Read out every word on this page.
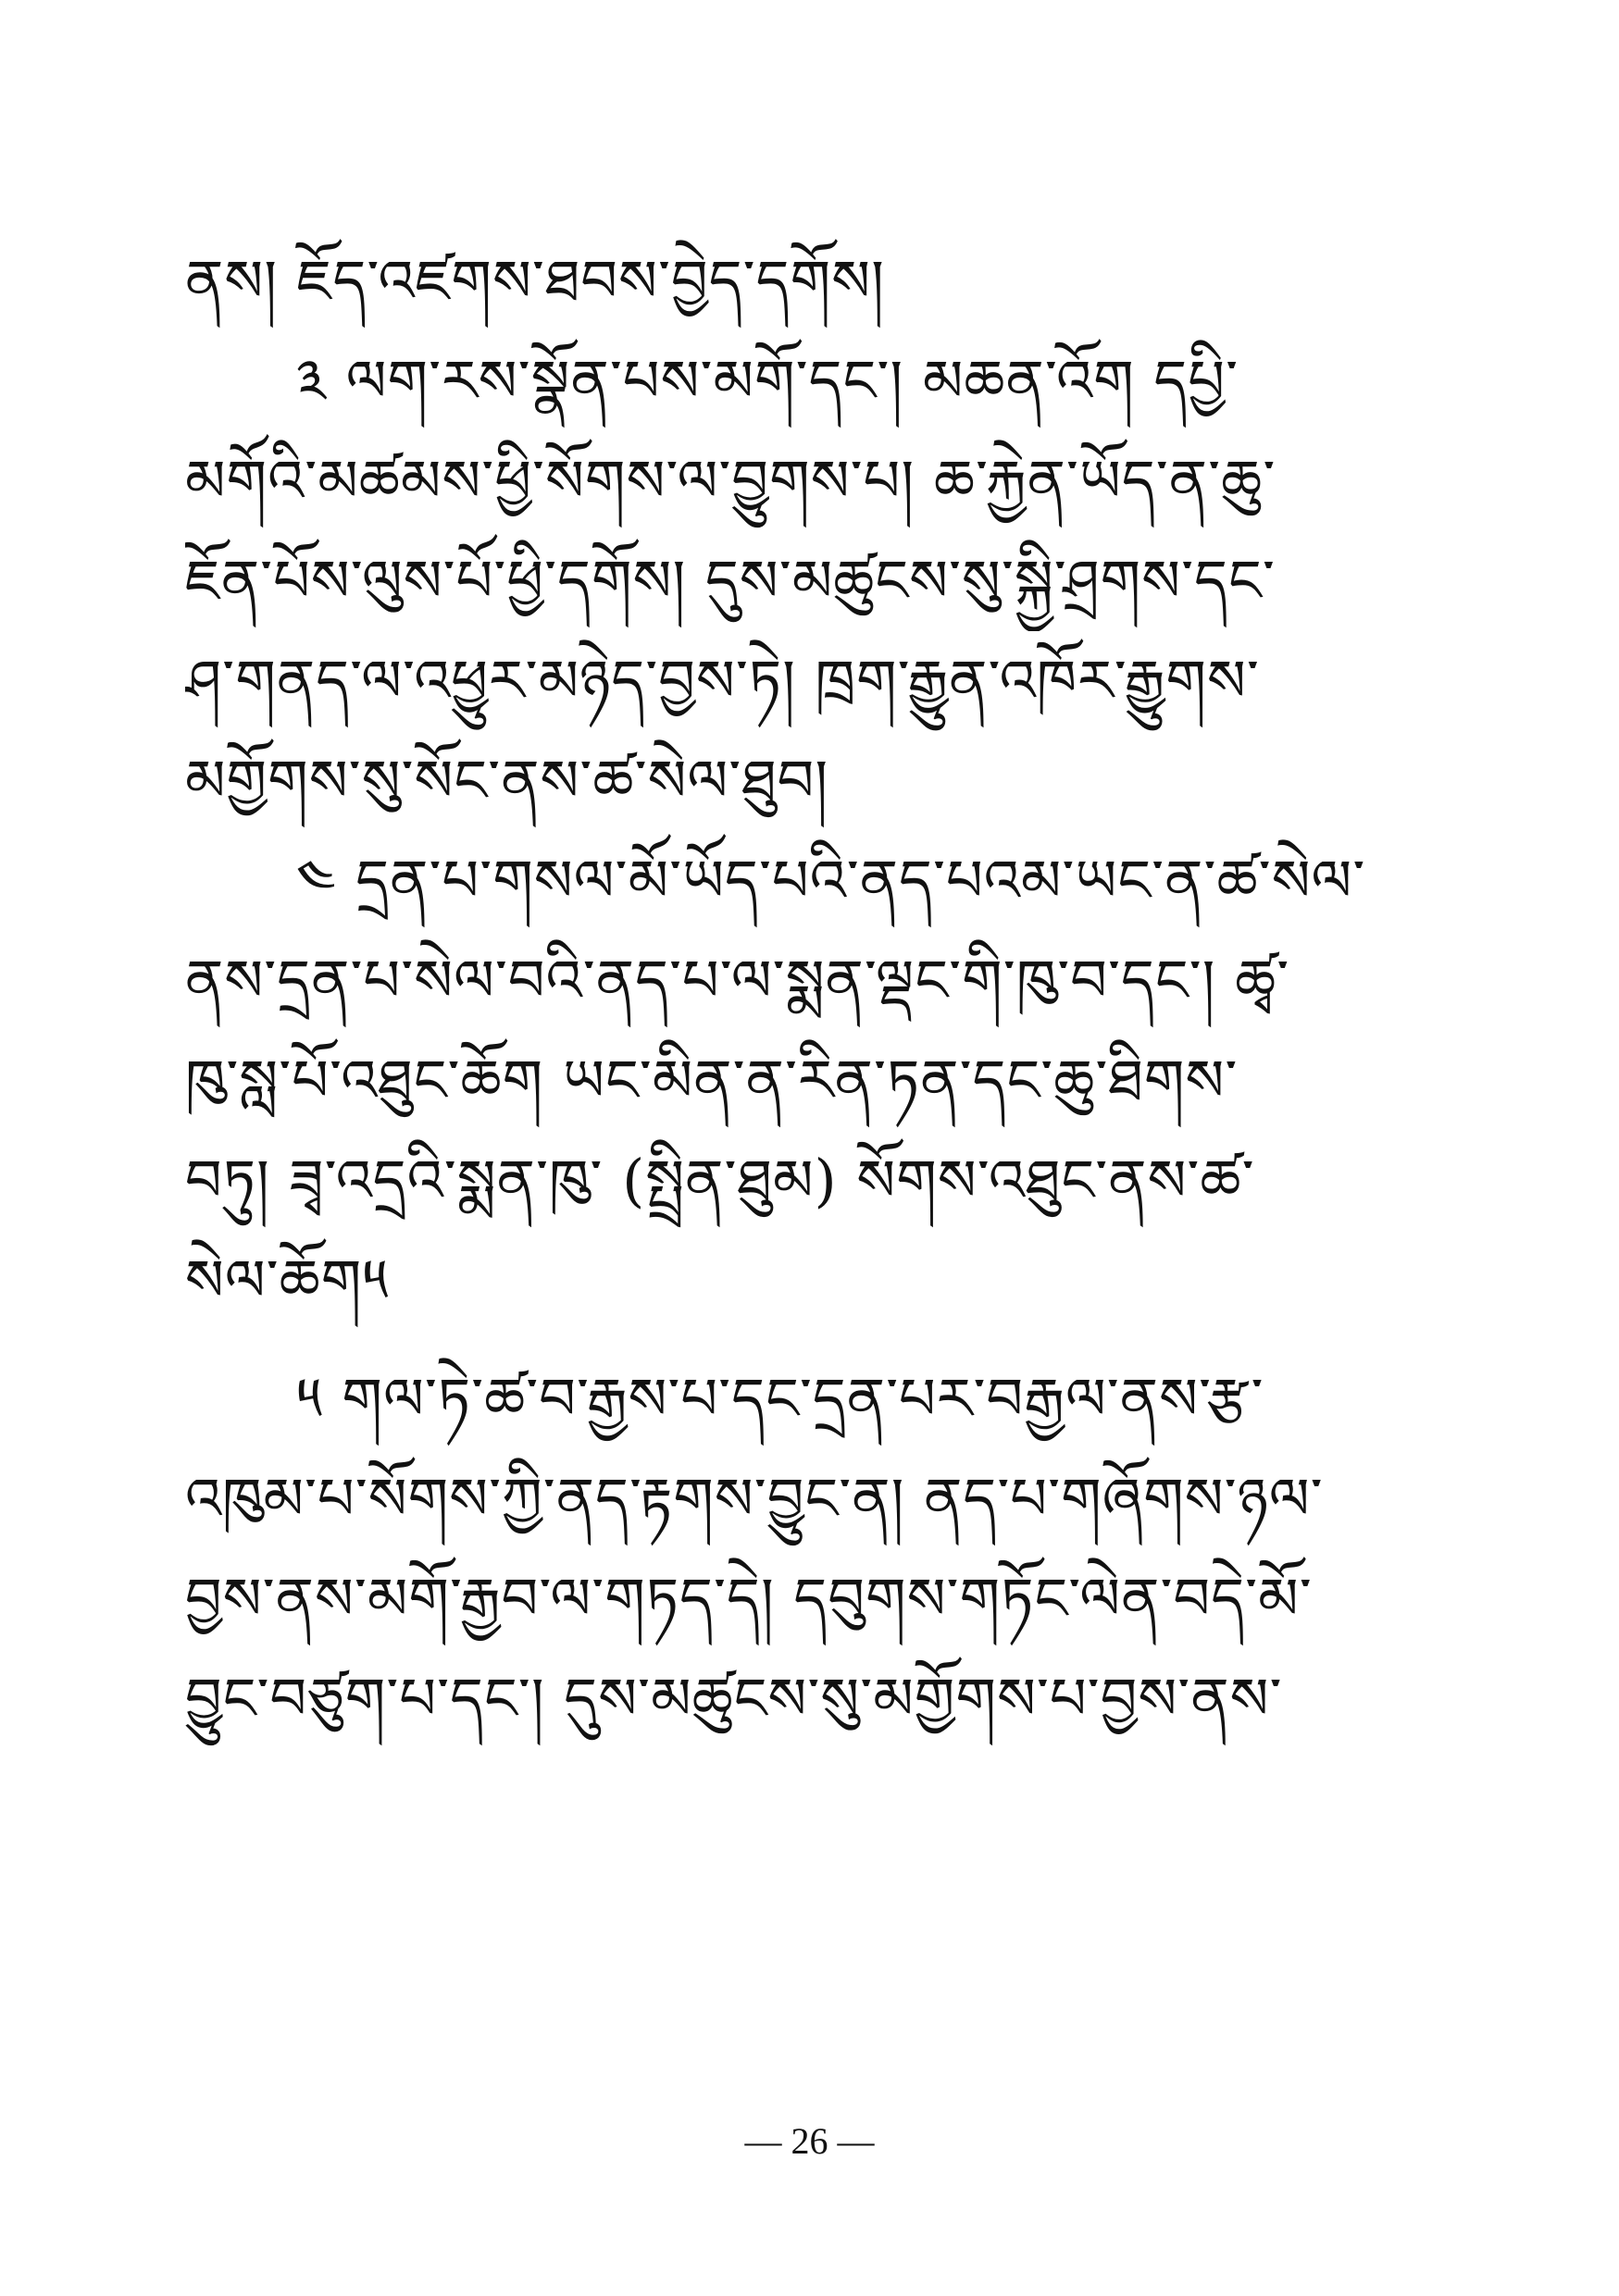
ནས། ཇོད་འཛགས་ཐབས་བྱེད་དགོས།
༣ ལག་རས་སྣོན་པས་མགོ་དང་། མཆན་འོག དཔྱི་
མགོའི་མཚམས་ཕྱི་སོགས་ལ་བྱུགས་པ། ཆ་རྐྱེན་ཡོད་ན་ཆུ་
ཇོན་པོས་ལུས་པོ་ཕྱི་དགོས། དུས་མཚུངས་སུ་སྐྱི་ཤྲགས་དང་
ཤ་གནད་ལ་འཕྱུར་མཉེད་བྱས་ཏེ། ཁྲག་རྒྱུན་འཁོར་རྒྱུགས་
མགྱོགས་སུ་སོང་ནས་ཚ་སེལ་ཐུབ།
༤ དྲན་པ་གསལ་མོ་ཡོད་པའི་ནད་པའམ་ཡང་ན་ཚ་སེལ་
ནས་དྲན་པ་སེལ་བའི་ནད་པ་ལ་སྨན་ལྡང་གི་ཁུ་བ་དང་། ཚྭ་
ཁུ་སླ་པོ་འཐུང་ཆོག ཡང་མིན་ན་རིན་ཏན་དང་ཆུ་ཐིགས་
བཏུ། ཟྭ་འདྲའི་སྨན་ཁུ་ (སྤྲིན་ཐུམ) སོགས་འཐུང་ནས་ཚ་
སེལ་ཆོག༥
༥ གལ་ཏེ་ཚ་བ་རྒྱས་པ་དང་དྲན་པར་བརྒྱལ་ནས་རྩ་
འཁུམ་པ་སོགས་ཀྱི་ནད་རྟགས་བྱུང་ན། ནད་པ་གཞོགས་ཉལ་
བྱས་ནས་མགོ་རྒྱབ་ལ་གཏད་དེ། དབུགས་གཏོང་ལེན་བདེ་མོ་
བྱུང་བཙུག་པ་དང་། དུས་མཚུངས་སུ་མགྱོགས་པ་བྱས་ནས་
— 26 —
